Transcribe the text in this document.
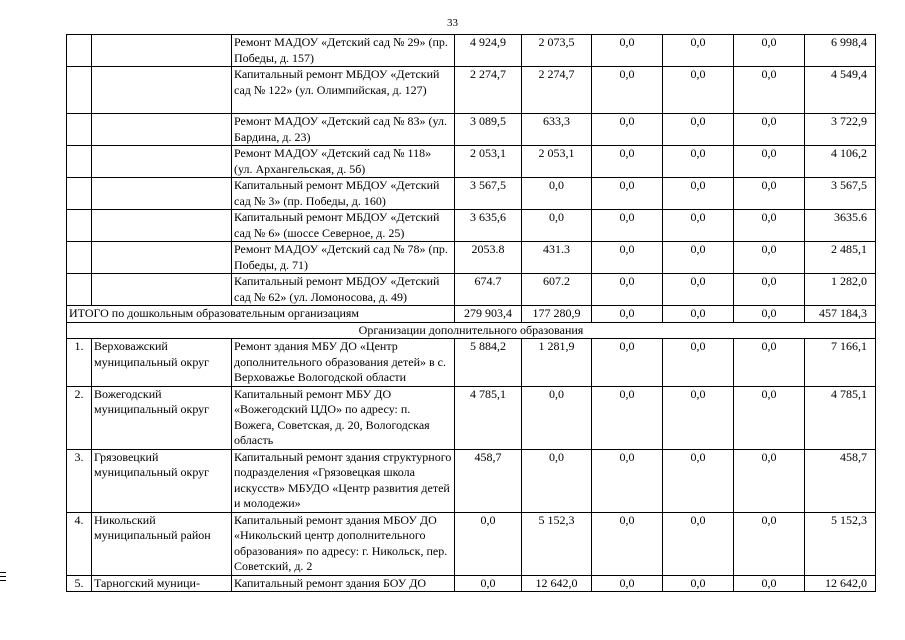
33
		Ремонт МАДОУ «Детский сад № 29» (пр. Победы, д. 157)	4 924,9	2 073,5	0,0	0,0	0,0	6 998,4
		Капитальный ремонт МБДОУ «Детский сад № 122» (ул. Олимпийская, д. 127)	2 274,7	2 274,7	0,0	0,0	0,0	4 549,4
		Ремонт МАДОУ «Детский сад № 83» (ул. Бардина, д. 23)	3 089,5	633,3	0,0	0,0	0,0	3 722,9
		Ремонт МАДОУ «Детский сад № 118» (ул. Архангельская, д. 5б)	2 053,1	2 053,1	0,0	0,0	0,0	4 106,2
		Капитальный ремонт МБДОУ «Детский сад № 3» (пр. Победы, д. 160)	3 567,5	0,0	0,0	0,0	0,0	3 567,5
		Капитальный ремонт МБДОУ «Детский сад № 6» (шоссе Северное, д. 25)	3 635,6	0,0	0,0	0,0	0,0	3635.6
		Ремонт МАДОУ «Детский сад № 78» (пр. Победы, д. 71)	2053.8	431.3	0,0	0,0	0,0	2 485,1
		Капитальный ремонт МБДОУ «Детский сад № 62» (ул. Ломоносова, д. 49)	674.7	607.2	0,0	0,0	0,0	1 282,0
ИТОГО по дошкольным образовательным организациям			279 903,4	177 280,9	0,0	0,0	0,0	457 184,3
Организации дополнительного образования								
1.	Верховажский муниципальный округ	Ремонт здания МБУ ДО «Центр дополнительного образования детей» в с. Верховажье Вологодской области	5 884,2	1 281,9	0,0	0,0	0,0	7 166,1
2.	Вожегодский муниципальный округ	Капитальный ремонт МБУ ДО «Вожегодский ЦДО» по адресу: п. Вожега, Советская, д. 20, Вологодская область	4 785,1	0,0	0,0	0,0	0,0	4 785,1
3.	Грязовецкий муниципальный округ	Капитальный ремонт здания структурного подразделения «Грязовецкая школа искусств» МБУДО «Центр развития детей и молодежи»	458,7	0,0	0,0	0,0	0,0	458,7
4.	Никольский муниципальный район	Капитальный ремонт здания МБОУ ДО «Никольский центр дополнительного образования» по адресу: г. Никольск, пер. Советский, д. 2	0,0	5 152,3	0,0	0,0	0,0	5 152,3
5.	Тарногский муници-	Капитальный ремонт здания БОУ ДО	0,0	12 642,0	0,0	0,0	0,0	12 642,0
